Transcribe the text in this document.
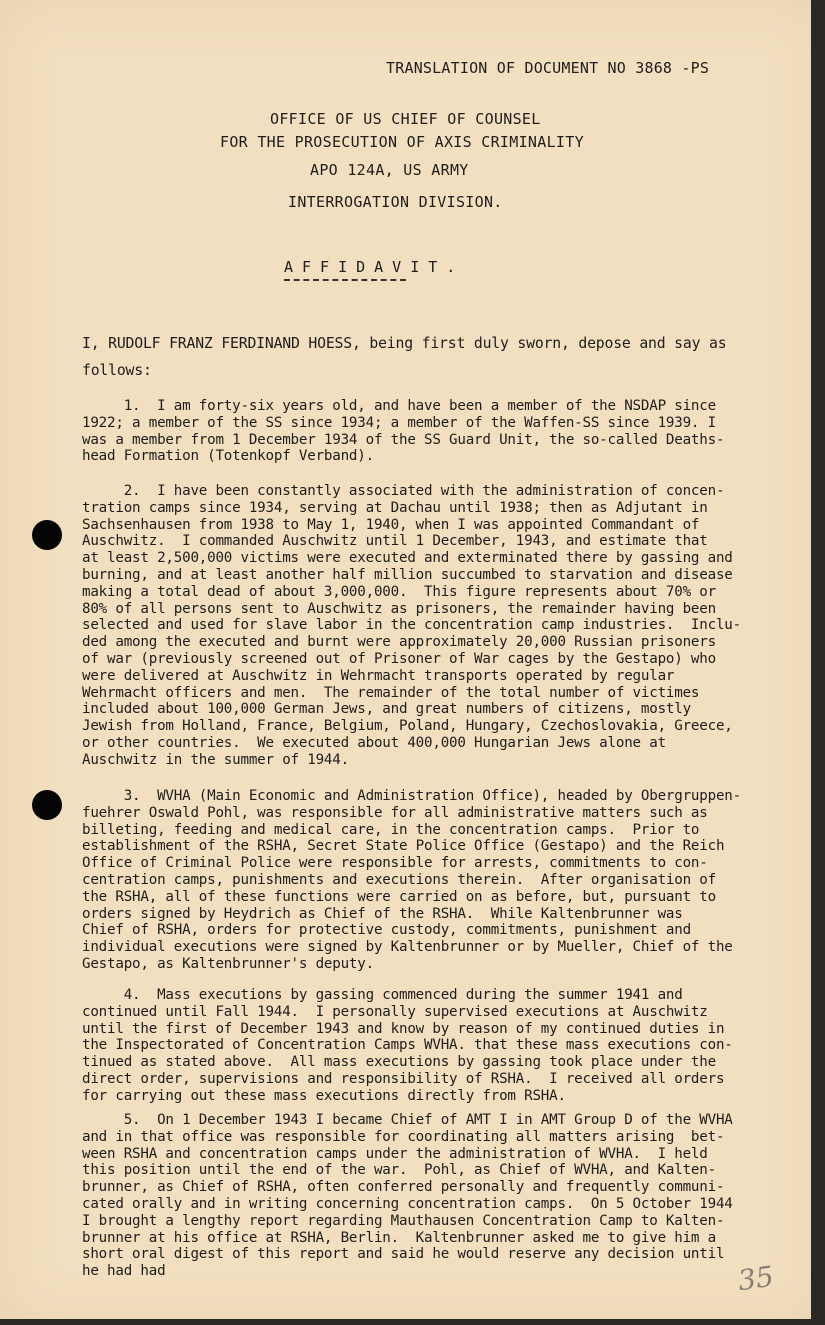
TRANSLATION OF DOCUMENT NO 3868 -PS
OFFICE OF US CHIEF OF COUNSEL
FOR THE PROSECUTION OF AXIS CRIMINALITY
APO 124A, US ARMY
INTERROGATION DIVISION.
AFFIDAVIT.
I, RUDOLF FRANZ FERDINAND HOESS, being first duly sworn, depose and say as
follows:
1.  I am forty-six years old, and have been a member of the NSDAP since
1922; a member of the SS since 1934; a member of the Waffen-SS since 1939. I
was a member from 1 December 1934 of the SS Guard Unit, the so-called Deaths-
head Formation (Totenkopf Verband).
2.  I have been constantly associated with the administration of concen-
tration camps since 1934, serving at Dachau until 1938; then as Adjutant in
Sachsenhausen from 1938 to May 1, 1940, when I was appointed Commandant of
Auschwitz.  I commanded Auschwitz until 1 December, 1943, and estimate that
at least 2,500,000 victims were executed and exterminated there by gassing and
burning, and at least another half million succumbed to starvation and disease
making a total dead of about 3,000,000.  This figure represents about 70% or
80% of all persons sent to Auschwitz as prisoners, the remainder having been
selected and used for slave labor in the concentration camp industries.  Inclu-
ded among the executed and burnt were approximately 20,000 Russian prisoners
of war (previously screened out of Prisoner of War cages by the Gestapo) who
were delivered at Auschwitz in Wehrmacht transports operated by regular
Wehrmacht officers and men.  The remainder of the total number of victimes
included about 100,000 German Jews, and great numbers of citizens, mostly
Jewish from Holland, France, Belgium, Poland, Hungary, Czechoslovakia, Greece,
or other countries.  We executed about 400,000 Hungarian Jews alone at
Auschwitz in the summer of 1944.
3.  WVHA (Main Economic and Administration Office), headed by Obergruppen-
fuehrer Oswald Pohl, was responsible for all administrative matters such as
billeting, feeding and medical care, in the concentration camps.  Prior to
establishment of the RSHA, Secret State Police Office (Gestapo) and the Reich
Office of Criminal Police were responsible for arrests, commitments to con-
centration camps, punishments and executions therein.  After organisation of
the RSHA, all of these functions were carried on as before, but, pursuant to
orders signed by Heydrich as Chief of the RSHA.  While Kaltenbrunner was
Chief of RSHA, orders for protective custody, commitments, punishment and
individual executions were signed by Kaltenbrunner or by Mueller, Chief of the
Gestapo, as Kaltenbrunner's deputy.
4.  Mass executions by gassing commenced during the summer 1941 and
continued until Fall 1944.  I personally supervised executions at Auschwitz
until the first of December 1943 and know by reason of my continued duties in
the Inspectorated of Concentration Camps WVHA. that these mass executions con-
tinued as stated above.  All mass executions by gassing took place under the
direct order, supervisions and responsibility of RSHA.  I received all orders
for carrying out these mass executions directly from RSHA.
5.  On 1 December 1943 I became Chief of AMT I in AMT Group D of the WVHA
and in that office was responsible for coordinating all matters arising  bet-
ween RSHA and concentration camps under the administration of WVHA.  I held
this position until the end of the war.  Pohl, as Chief of WVHA, and Kalten-
brunner, as Chief of RSHA, often conferred personally and frequently communi-
cated orally and in writing concerning concentration camps.  On 5 October 1944
I brought a lengthy report regarding Mauthausen Concentration Camp to Kalten-
brunner at his office at RSHA, Berlin.  Kaltenbrunner asked me to give him a
short oral digest of this report and said he would reserve any decision until
he had had	35
